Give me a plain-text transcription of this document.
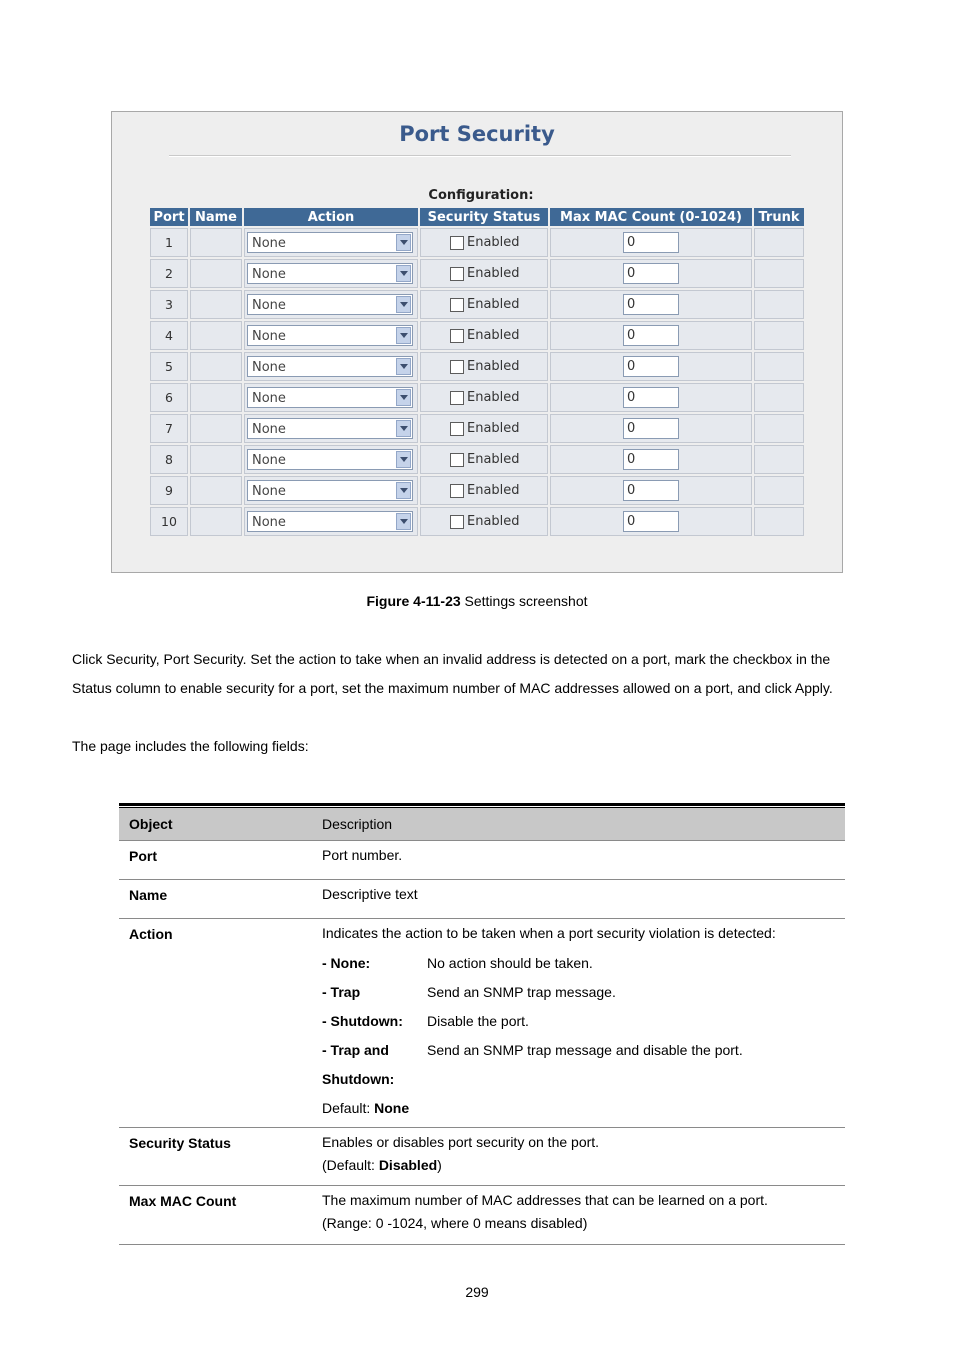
Port Security
Configuration:
Port	Name	Action	Security Status	Max MAC Count (0-1024)	Trunk
1		None	Enabled	0	

2		None	Enabled	0	

3		None	Enabled	0	

4		None	Enabled	0	

5		None	Enabled	0	

6		None	Enabled	0	

7		None	Enabled	0	

8		None	Enabled	0	

9		None	Enabled	0	

10		None	Enabled	0	

Figure 4-11-23 Settings screenshot
Click Security, Port Security. Set the action to take when an invalid address is detected on a port, mark the checkbox in the Status column to enable security for a port, set the maximum number of MAC addresses allowed on a port, and click Apply.
The page includes the following fields:
Object	Description
Port	Port number.
Name	Descriptive text
Action	Indicates the action to be taken when a port security violation is detected:
- None:	No action should be taken.
- Trap	Send an SNMP trap message.
- Shutdown:	Disable the port.
- Trap and	Send an SNMP trap message and disable the port.
Shutdown:
Default: None
Security Status	Enables or disables port security on the port.
(Default: Disabled)
Max MAC Count	The maximum number of MAC addresses that can be learned on a port.
(Range: 0 -1024, where 0 means disabled)
299
